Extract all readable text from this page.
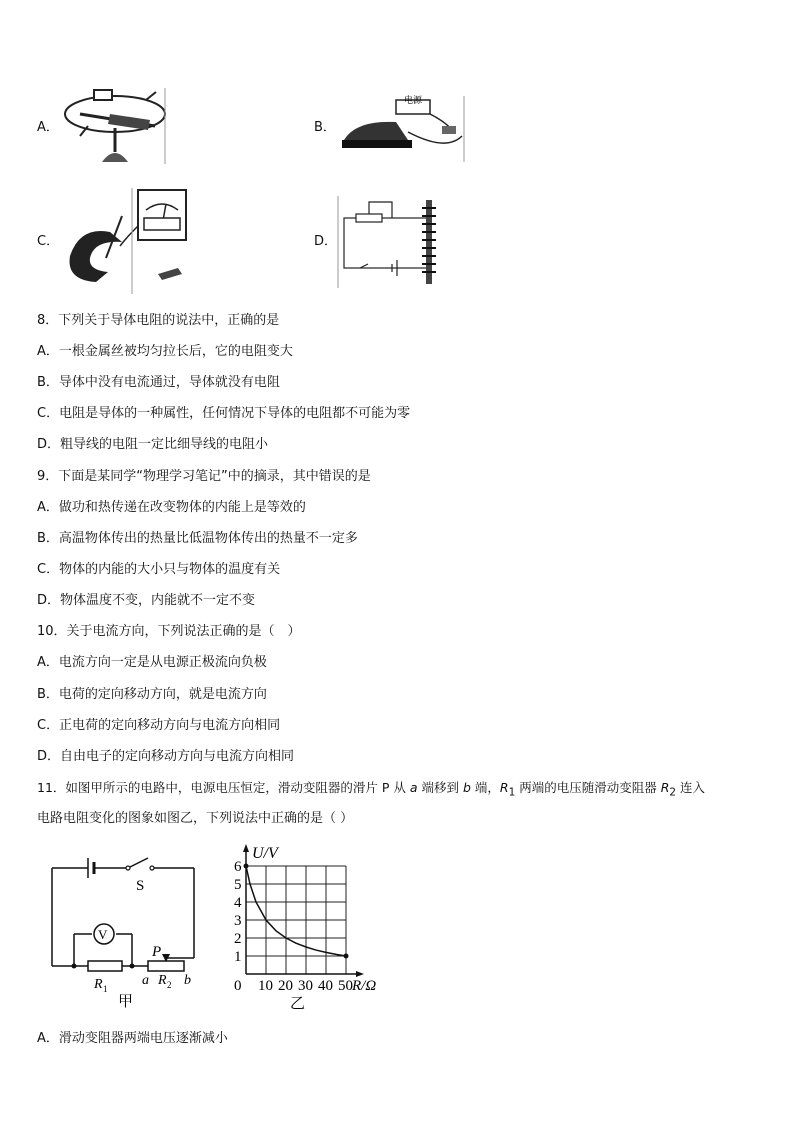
A．	B．
电源
C．	D．
8．下列关于导体电阻的说法中，正确的是
A．一根金属丝被均匀拉长后，它的电阻变大
B．导体中没有电流通过，导体就没有电阻
C．电阻是导体的一种属性，任何情况下导体的电阻都不可能为零
D．粗导线的电阻一定比细导线的电阻小
9．下面是某同学“物理学习笔记”中的摘录，其中错误的是
A．做功和热传递在改变物体的内能上是等效的
B．高温物体传出的热量比低温物体传出的热量不一定多
C．物体的内能的大小只与物体的温度有关
D．物体温度不变，内能就不一定不变
10．关于电流方向，下列说法正确的是（　）
A．电流方向一定是从电源正极流向负极
B．电荷的定向移动方向，就是电流方向
C．正电荷的定向移动方向与电流方向相同
D．自由电子的定向移动方向与电流方向相同
11．如图甲所示的电路中，电源电压恒定，滑动变阻器的滑片 P 从 a 端移到 b 端，$R_1$ 两端的电压随滑动变阻器 $R_2$ 连入
电路电阻变化的图象如图乙，下列说法中正确的是（ ）
S
V
P
R 1
a R 2 b
甲
1
2
3
4
5
6
0 10 20 30 40 50
U/V
R/Ω
乙
A．滑动变阻器两端电压逐渐减小
